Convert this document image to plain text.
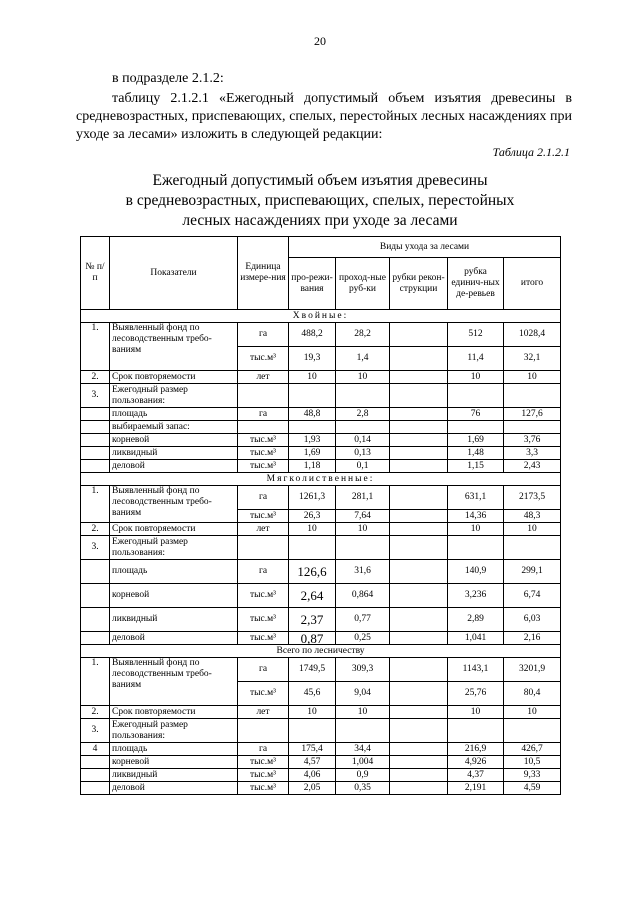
20
в подразделе 2.1.2:
таблицу 2.1.2.1 «Ежегодный допустимый объем изъятия древесины в средневозрастных, приспевающих, спелых, перестойных лесных насаждениях при уходе за лесами» изложить в следующей редакции:
Таблица 2.1.2.1
Ежегодный допустимый объем изъятия древесины
в средневозрастных, приспевающих, спелых, перестойных
лесных насаждениях при уходе за лесами
№ п/п	Показатели	Единица измере-ния	Виды ухода за лесами				
			про-режи-вания	проход-ные руб-ки	рубки рекон-струкции	рубка единич-ных де-ревьев	итого
Хвойные:							
1.	Выявленный фонд по лесоводственным требо-ваниям	га	488,2	28,2		512	1028,4
		тыс.м³	19,3	1,4		11,4	32,1
2.	Срок повторяемости	лет	10	10		10	10
3.	Ежегодный размер пользования:						
	площадь	га	48,8	2,8		76	127,6
	выбираемый запас:						
	корневой	тыс.м³	1,93	0,14		1,69	3,76
	ликвидный	тыс.м³	1,69	0,13		1,48	3,3
	деловой	тыс.м³	1,18	0,1		1,15	2,43
Мягколиственные:							
1.	Выявленный фонд по лесоводственным требо-ваниям	га	1261,3	281,1		631,1	2173,5
		тыс.м³	26,3	7,64		14,36	48,3
2.	Срок повторяемости	лет	10	10		10	10
3.	Ежегодный размер пользования:						
	площадь	га	126,6	31,6		140,9	299,1
	корневой	тыс.м³	2,64	0,864		3,236	6,74
	ликвидный	тыс.м³	2,37	0,77		2,89	6,03
	деловой	тыс.м³	0,87	0,25		1,041	2,16
Всего по лесничеству							
1.	Выявленный фонд по лесоводственным требо-ваниям	га	1749,5	309,3		1143,1	3201,9
		тыс.м³	45,6	9,04		25,76	80,4
2.	Срок повторяемости	лет	10	10		10	10
3.	Ежегодный размер пользования:						
4	площадь	га	175,4	34,4		216,9	426,7
	корневой	тыс.м³	4,57	1,004		4,926	10,5
	ликвидный	тыс.м³	4,06	0,9		4,37	9,33
	деловой	тыс.м³	2,05	0,35		2,191	4,59
